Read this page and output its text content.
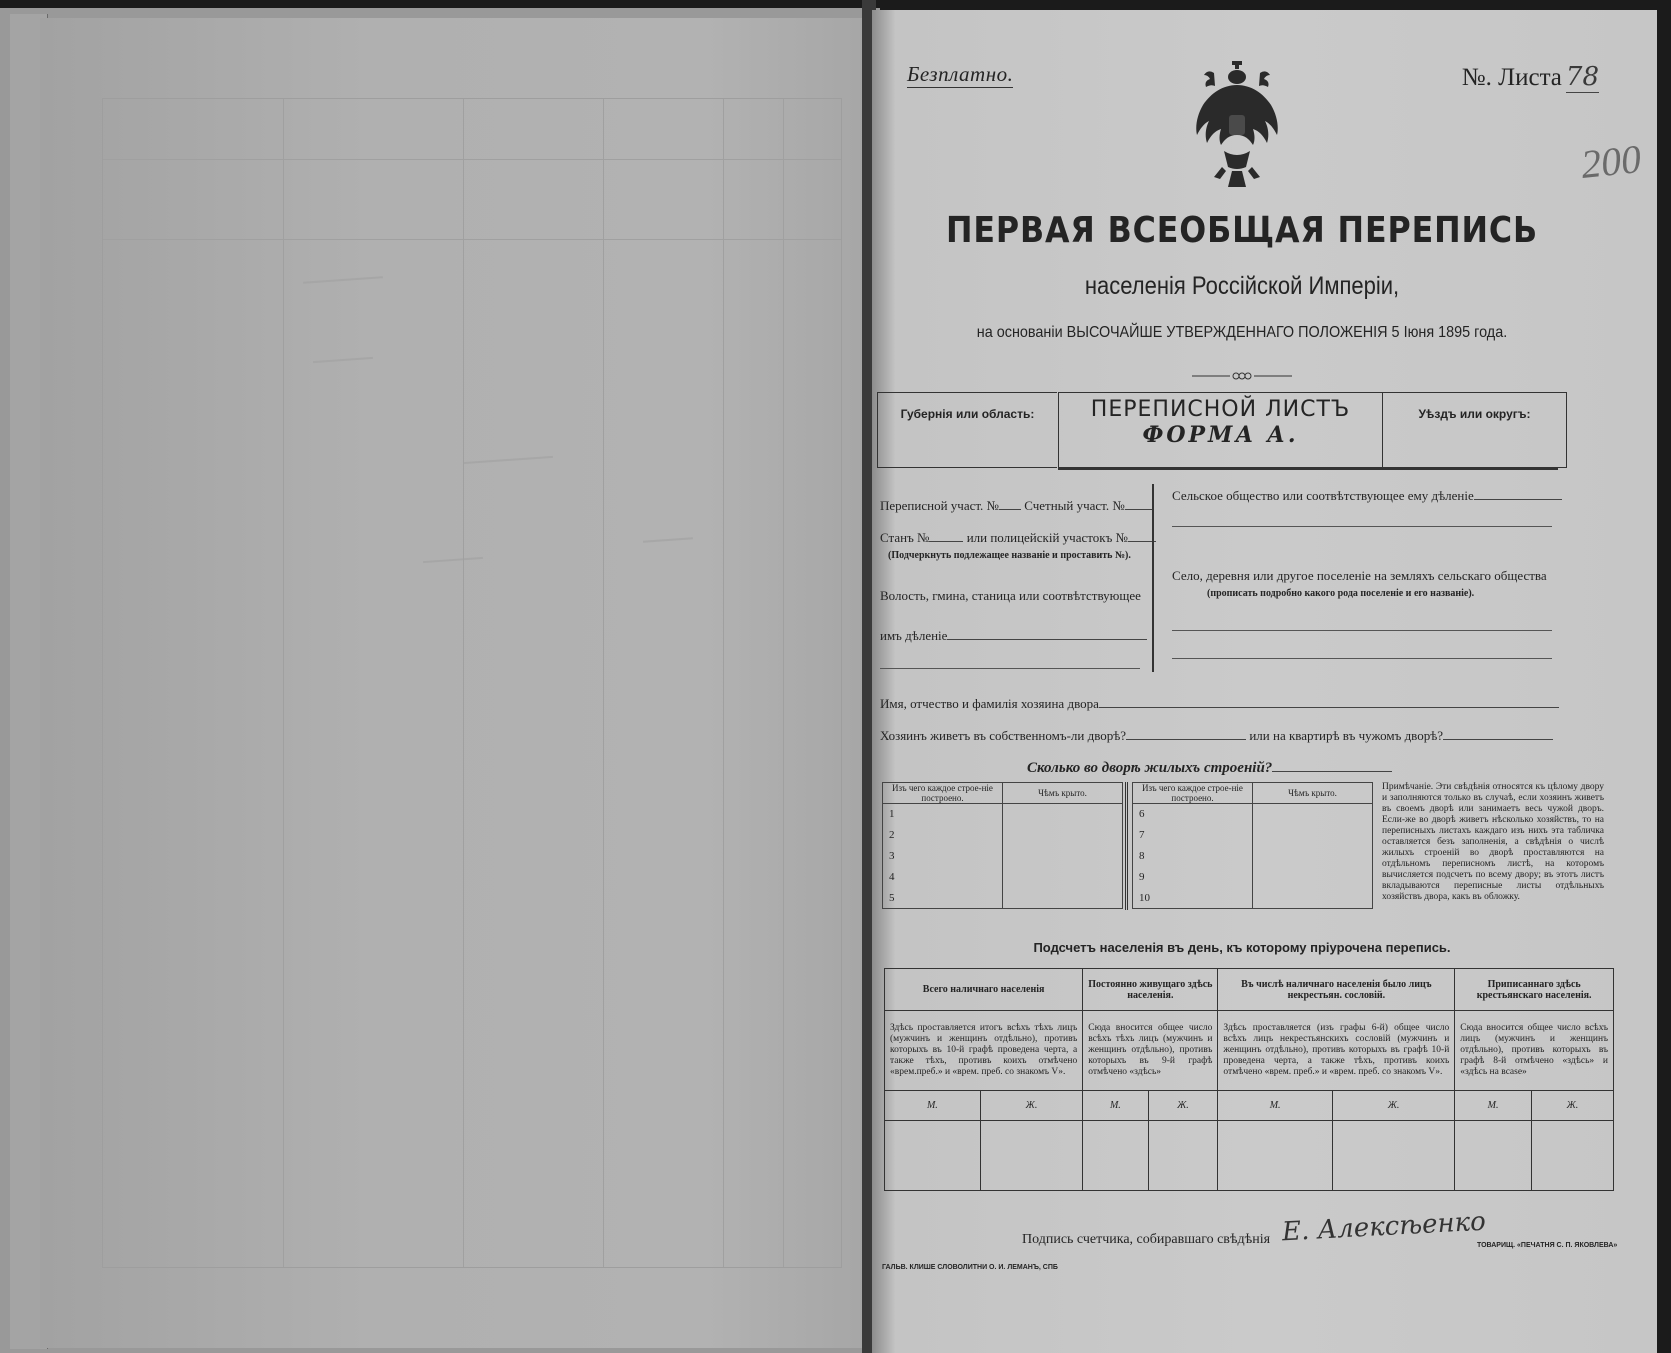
Безплатно.	№. Листа 78
200
ПЕРВАЯ ВСЕОБЩАЯ ПЕРЕПИСЬ
населенія Россійской Имперіи,
на основаніи ВЫСОЧАЙШЕ УТВЕРЖДЕННАГО ПОЛОЖЕНІЯ 5 Іюня 1895 года.
Губернія или область:	ПЕРЕПИСНОЙ ЛИСТЪ
ФОРМА А.
Уѣздъ или округъ:
Переписной участ. № Счетный участ. №
Станъ №	или полицейскій участокъ №
(Подчеркнуть подлежащее названіе и проставить №).
Волость, гмина, станица или соотвѣтствующее
имъ дѣленіе
Сельское общество или соотвѣтствующее ему дѣленіе
Село, деревня или другое поселеніе на земляхъ сельскаго общества
(прописать подробно какого рода поселеніе и его названіе).
Имя, отчество и фамилія хозяина двора
Хозяинъ живетъ въ собственномъ-ли дворѣ?	или на квартирѣ въ чужомъ дворѣ?
Сколько во дворѣ жилыхъ строеній?
Изъ чего каждое строе-ніе построено.	Чѣмъ крыто.
1	
2	
3	
4	
5	
Изъ чего каждое строе-ніе построено.	Чѣмъ крыто.
6	
7	
8	
9	
10	
Примѣчаніе. Эти свѣдѣнія относятся къ цѣлому двору и заполняются только въ случаѣ, если хозяинъ живетъ въ своемъ дворѣ или занимаетъ весь чужой дворъ. Если-же во дворѣ живетъ нѣсколько хозяйствъ, то на переписныхъ листахъ каждаго изъ нихъ эта табличка оставляется безъ заполненія, а свѣдѣнія о числѣ жилыхъ строеній во дворѣ проставляются на отдѣльномъ переписномъ листѣ, на которомъ вычисляется подсчетъ по всему двору; въ этотъ листъ вкладываются переписные листы отдѣльныхъ хозяйствъ двора, какъ въ обложку.
Подсчетъ населенія въ день, къ которому пріурочена перепись.
Всего наличнаго населенія		Постоянно живущаго здѣсь населенія.		Въ числѣ наличнаго населенія было лицъ некрестьян. сословій.		Приписаннаго здѣсь крестьянскаго населенія.	
Здѣсь проставляется итогъ всѣхъ тѣхъ лицъ (мужчинъ и женщинъ отдѣльно), противъ которыхъ въ 10-й графѣ проведена черта, а также тѣхъ, противъ коихъ отмѣчено «врем.преб.» и «врем. преб. со знакомъ V».		Сюда вносится общее число всѣхъ тѣхъ лицъ (мужчинъ и женщинъ отдѣльно), противъ которыхъ въ 9-й графѣ отмѣчено «здѣсь»		Здѣсь проставляется (изъ графы 6-й) общее число всѣхъ лицъ некрестьянскихъ сословій (мужчинъ и женщинъ отдѣльно), противъ которыхъ въ графѣ 10-й проведена черта, а также тѣхъ, противъ коихъ отмѣчено «врем. преб.» и «врем. преб. со знакомъ V».		Сюда вносится общее число всѣхъ лицъ (мужчинъ и женщинъ отдѣльно), противъ которыхъ въ графѣ 8-й отмѣчено «здѣсь» и «здѣсь на вcase»	
М.	Ж.	М.	Ж.	М.	Ж.	М.	Ж.

Подпись счетчика, собиравшаго свѣдѣнія Е. Алексѣенко
ТОВАРИЩ. «ПЕЧАТНЯ С. П. ЯКОВЛЕВА»
ГАЛЬВ. КЛИШЕ СЛОВОЛИТНИ О. И. ЛЕМАНЪ, СПБ
